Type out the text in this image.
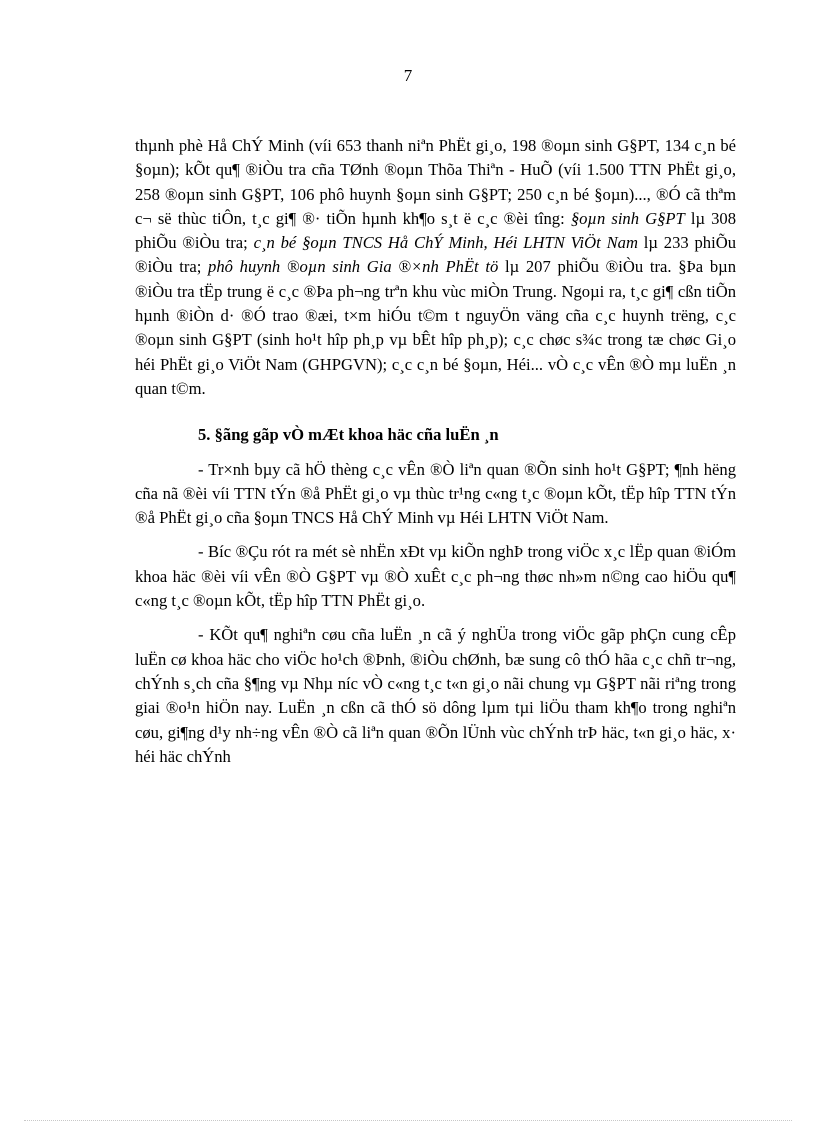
7

thµnh phè Hå ChÝ Minh (víi 653 thanh niªn PhËt gi¸o, 198 ®oµn sinh G§PT, 134 c¸n bé §oµn); kÕt qu¶ ®iÒu tra cña TØnh ®oµn Thõa Thiªn - HuÕ (víi 1.500 TTN PhËt gi¸o, 258 ®oµn sinh G§PT, 106 phô huynh §oµn sinh G§PT; 250 c¸n bé §oµn)..., ®Ó cã thªm c¬ së thùc tiÔn, t¸c gi¶ ®· tiÕn hµnh kh¶o s¸t ë c¸c ®èi tîng: §oµn sinh G§PT lµ 308 phiÕu ®iÒu tra; c¸n bé §oµn TNCS Hå ChÝ Minh, Héi LHTN ViÖt Nam lµ 233 phiÕu ®iÒu tra; phô huynh ®oµn sinh Gia ®×nh PhËt tö lµ 207 phiÕu ®iÒu tra. §Þa bµn ®iÒu tra tËp trung ë c¸c ®Þa ph¬ng trªn khu vùc miÒn Trung. Ngoµi ra, t¸c gi¶ cßn tiÕn hµnh ®iÒn d· ®Ó trao ®æi, t×m hiÓu t©m t nguyÖn väng cña c¸c huynh trëng, c¸c ®oµn sinh G§PT (sinh ho¹t hîp ph¸p vµ bÊt hîp ph¸p); c¸c chøc s¾c trong tæ chøc Gi¸o héi PhËt gi¸o ViÖt Nam (GHPGVN); c¸c c¸n bé §oµn, Héi... vÒ c¸c vÊn ®Ò mµ luËn ¸n quan t©m.

5. §ãng gãp vÒ mÆt khoa häc cña luËn ¸n

- Tr×nh bµy cã hÖ thèng c¸c vÊn ®Ò liªn quan ®Õn sinh ho¹t G§PT; ¶nh hëng cña nã ®èi víi TTN tÝn ®å PhËt gi¸o vµ thùc tr¹ng c«ng t¸c ®oµn kÕt, tËp hîp TTN tÝn ®å PhËt gi¸o cña §oµn TNCS Hå ChÝ Minh vµ Héi LHTN ViÖt Nam.

- Bíc ®Çu rót ra mét sè nhËn xÐt vµ kiÕn nghÞ trong viÖc x¸c lËp quan ®iÓm khoa häc ®èi víi vÊn ®Ò G§PT vµ ®Ò xuÊt c¸c ph¬ng thøc nh»m n©ng cao hiÖu qu¶ c«ng t¸c ®oµn kÕt, tËp hîp TTN PhËt gi¸o.

- KÕt qu¶ nghiªn cøu cña luËn ¸n cã ý nghÜa trong viÖc gãp phÇn cung cÊp luËn cø khoa häc cho viÖc ho¹ch ®Þnh, ®iÒu chØnh, bæ sung cô thÓ hãa c¸c chñ tr¬ng, chÝnh s¸ch cña §¶ng vµ Nhµ níc vÒ c«ng t¸c t«n gi¸o nãi chung vµ G§PT nãi riªng trong giai ®o¹n hiÖn nay. LuËn ¸n cßn cã thÓ sö dông lµm tµi liÖu tham kh¶o trong nghiªn cøu, gi¶ng d¹y nh÷ng vÊn ®Ò cã liªn quan ®Õn lÜnh vùc chÝnh trÞ häc, t«n gi¸o häc, x· héi häc chÝnh
